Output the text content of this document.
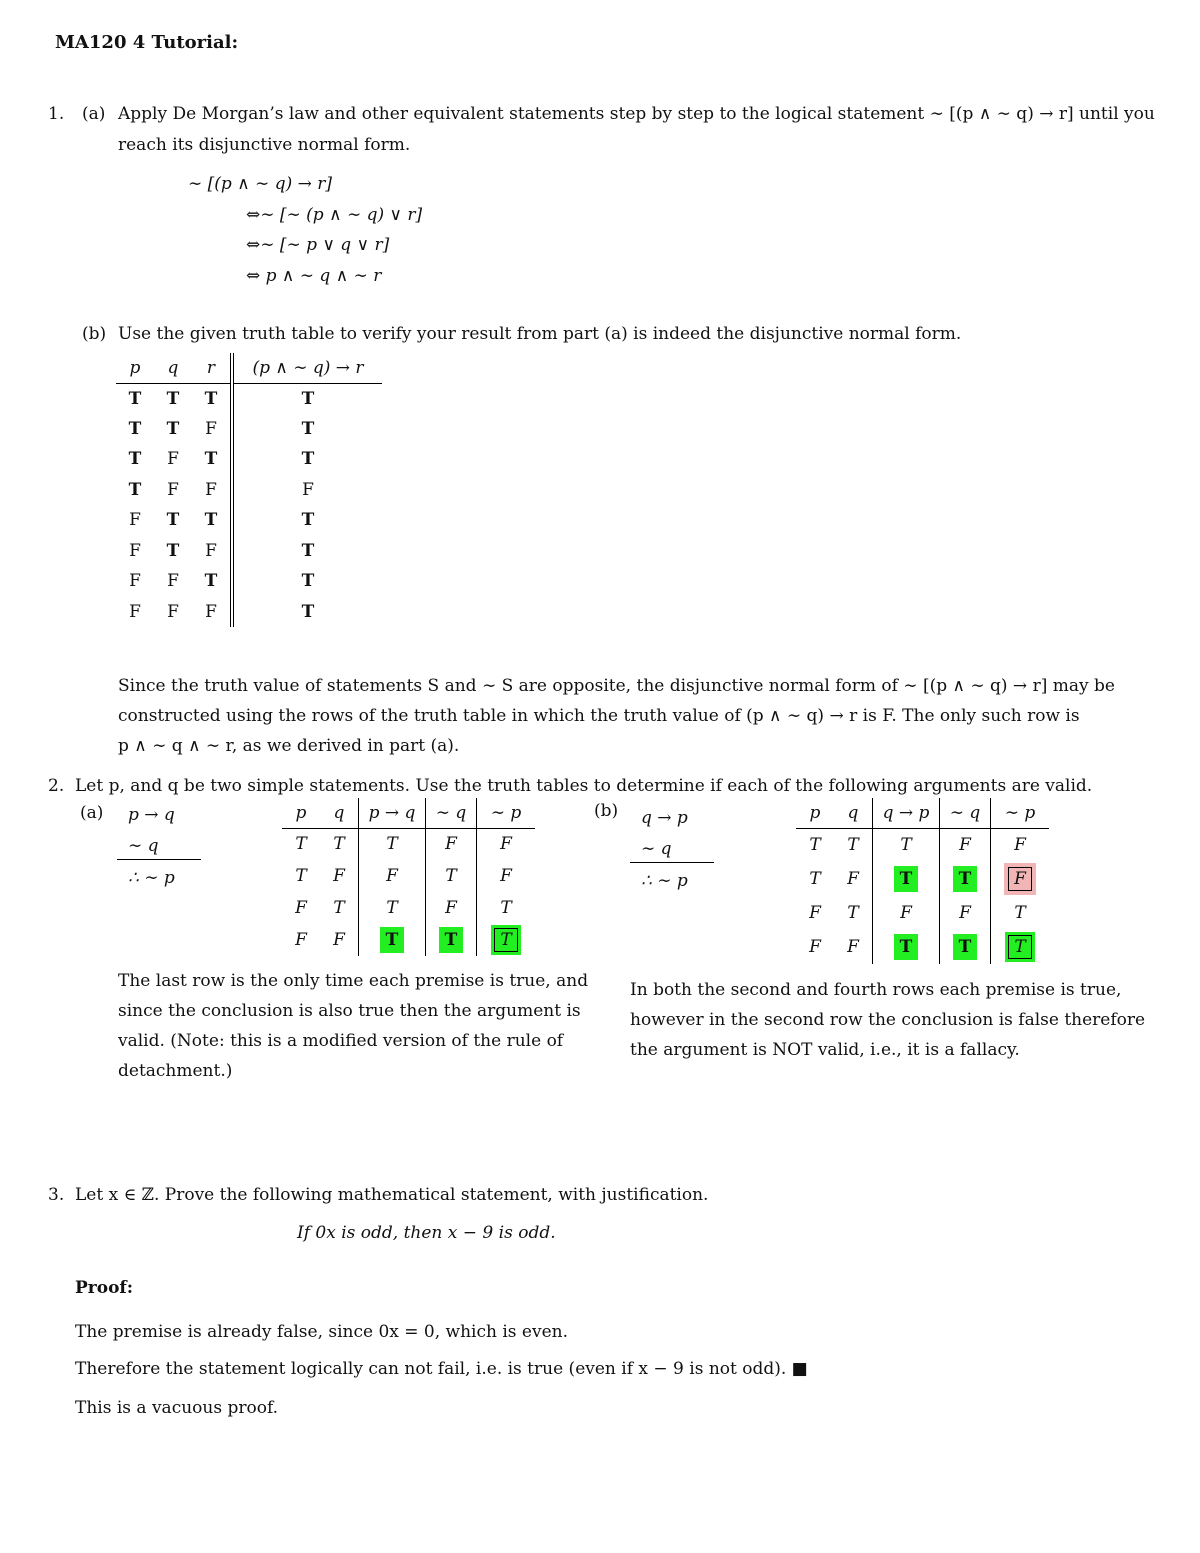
MA120 4 Tutorial:
1. (a) Apply De Morgan’s law and other equivalent statements step by step to the logical statement ∼ [(p ∧ ∼ q) → r] until you
reach its disjunctive normal form.
∼ [(p ∧ ∼ q) → r]
⇔∼ [∼ (p ∧ ∼ q) ∨ r]
⇔∼ [∼ p ∨ q ∨ r]
⇔ p ∧ ∼ q ∧ ∼ r
(b) Use the given truth table to verify your result from part (a) is indeed the disjunctive normal form.
p	q	r	(p ∧ ∼ q) → r
T	T	T	T
T	T	F	T
T	F	T	T
T	F	F	F
F	T	T	T
F	T	F	T
F	F	T	T
F	F	F	T
Since the truth value of statements S and ∼ S are opposite, the disjunctive normal form of ∼ [(p ∧ ∼ q) → r] may be
constructed using the rows of the truth table in which the truth value of (p ∧ ∼ q) → r is F. The only such row is
p ∧ ∼ q ∧ ∼ r, as we derived in part (a).
2. Let p, and q be two simple statements. Use the truth tables to determine if each of the following arguments are valid.
(a) p → q
∼ q
∴ ∼ p
p	q	p → q	∼ q	∼ p
T	T	T	F	F
T	F	F	T	F
F	T	T	F	T
F	F	T	T	T
The last row is the only time each premise is true, and
since the conclusion is also true then the argument is
valid. (Note: this is a modified version of the rule of
detachment.)
(b) q → p
∼ q
∴ ∼ p
p	q	q → p	∼ q	∼ p
T	T	T	F	F
T	F	T	T	F
F	T	F	F	T
F	F	T	T	T
In both the second and fourth rows each premise is true,
however in the second row the conclusion is false therefore
the argument is NOT valid, i.e., it is a fallacy.
3. Let x ∈ ℤ. Prove the following mathematical statement, with justification.
If 0x is odd, then x − 9 is odd.
Proof:
The premise is already false, since 0x = 0, which is even.
Therefore the statement logically can not fail, i.e. is true (even if x − 9 is not odd). ■
This is a vacuous proof.
